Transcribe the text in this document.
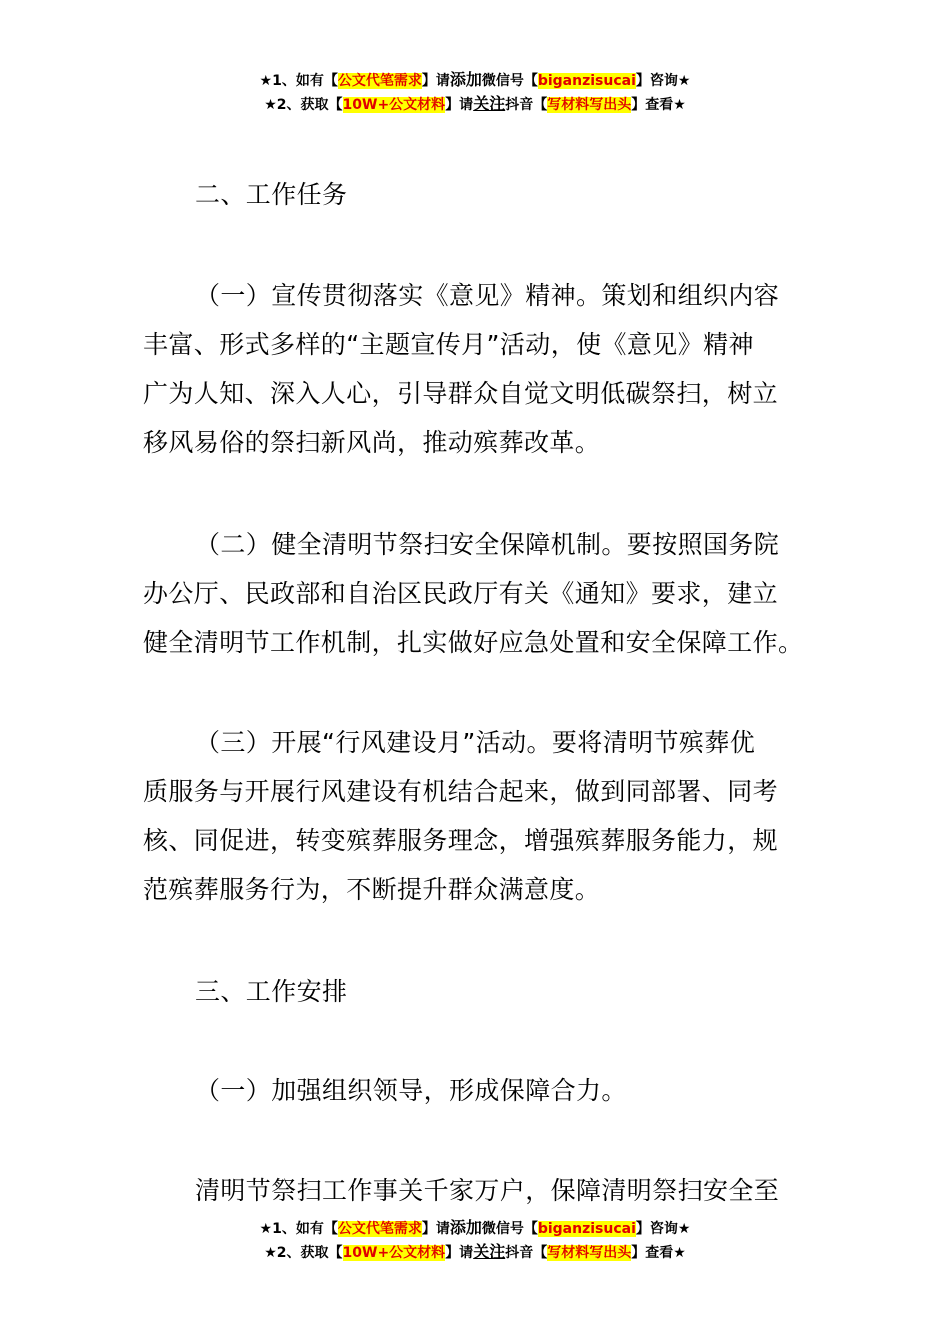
★1、如有【公文代笔需求】请添加微信号【biganzisucai】咨询★
★2、获取【10W+公文材料】请关注抖音【写材料写出头】查看★
二、工作任务
（一）宣传贯彻落实《意见》精神。策划和组织内容
丰富、形式多样的“主题宣传月”活动，使《意见》精神
广为人知、深入人心，引导群众自觉文明低碳祭扫，树立
移风易俗的祭扫新风尚，推动殡葬改革。
（二）健全清明节祭扫安全保障机制。要按照国务院
办公厅、民政部和自治区民政厅有关《通知》要求，建立
健全清明节工作机制，扎实做好应急处置和安全保障工作。
（三）开展“行风建设月”活动。要将清明节殡葬优
质服务与开展行风建设有机结合起来，做到同部署、同考
核、同促进，转变殡葬服务理念，增强殡葬服务能力，规
范殡葬服务行为，不断提升群众满意度。
三、工作安排
（一）加强组织领导，形成保障合力。
清明节祭扫工作事关千家万户，保障清明祭扫安全至
★1、如有【公文代笔需求】请添加微信号【biganzisucai】咨询★
★2、获取【10W+公文材料】请关注抖音【写材料写出头】查看★
